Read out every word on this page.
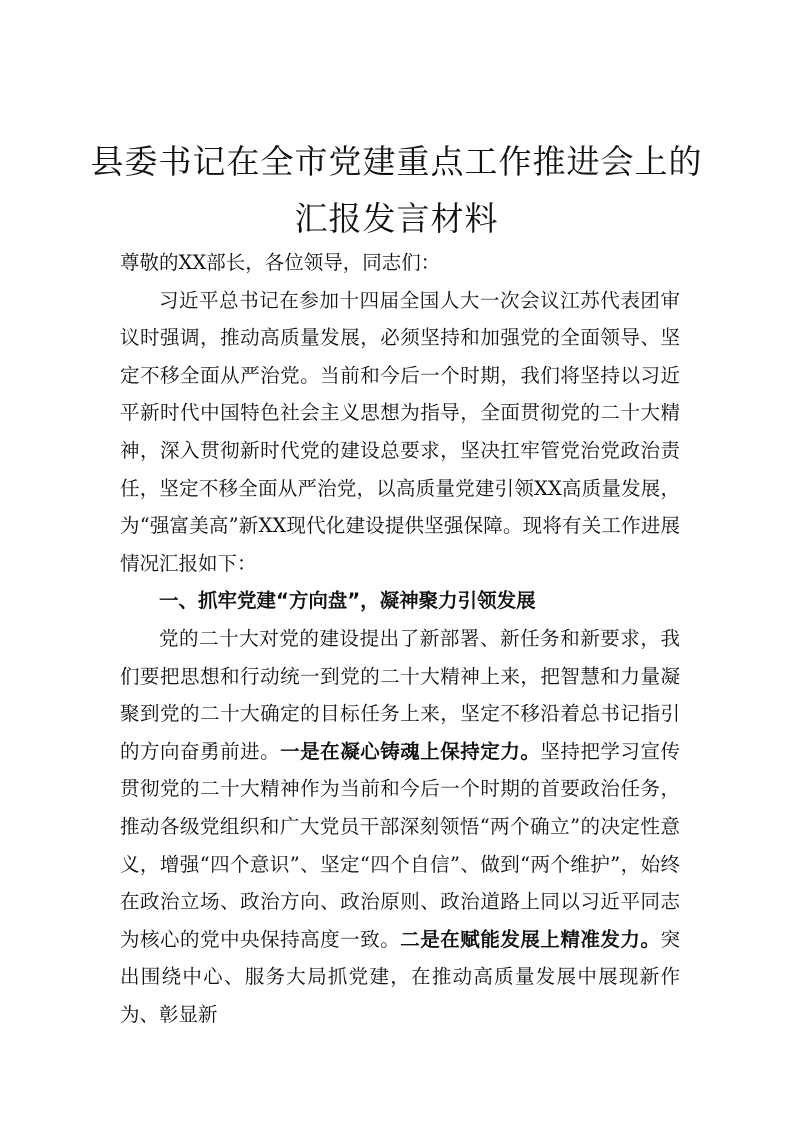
县委书记在全市党建重点工作推进会上的
汇报发言材料

尊敬的XX部长，各位领导，同志们：

习近平总书记在参加十四届全国人大一次会议江苏代表团审议时强调，推动高质量发展，必须坚持和加强党的全面领导、坚定不移全面从严治党。当前和今后一个时期，我们将坚持以习近平新时代中国特色社会主义思想为指导，全面贯彻党的二十大精神，深入贯彻新时代党的建设总要求，坚决扛牢管党治党政治责任，坚定不移全面从严治党，以高质量党建引领XX高质量发展，为“强富美高”新XX现代化建设提供坚强保障。现将有关工作进展情况汇报如下：

一、抓牢党建“方向盘”，凝神聚力引领发展

党的二十大对党的建设提出了新部署、新任务和新要求，我们要把思想和行动统一到党的二十大精神上来，把智慧和力量凝聚到党的二十大确定的目标任务上来，坚定不移沿着总书记指引的方向奋勇前进。一是在凝心铸魂上保持定力。坚持把学习宣传贯彻党的二十大精神作为当前和今后一个时期的首要政治任务，推动各级党组织和广大党员干部深刻领悟“两个确立”的决定性意义，增强“四个意识”、坚定“四个自信”、做到“两个维护”，始终在政治立场、政治方向、政治原则、政治道路上同以习近平同志为核心的党中央保持高度一致。二是在赋能发展上精准发力。突出围绕中心、服务大局抓党建，在推动高质量发展中展现新作为、彰显新
